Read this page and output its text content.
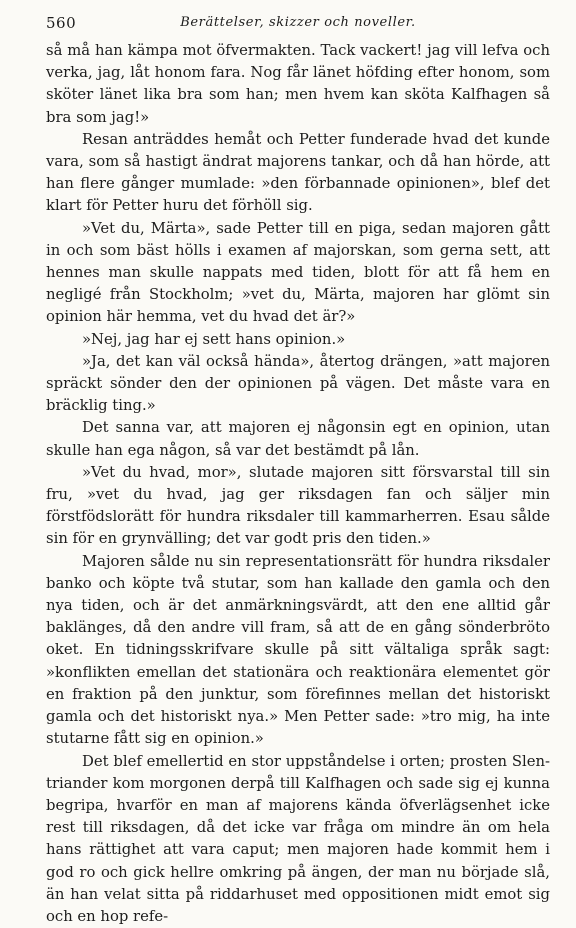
560	Berättelser, skizzer och noveller.

så må han kämpa mot öfvermakten. Tack vackert! jag vill lefva och verka, jag, låt honom fara. Nog får länet höfding efter honom, som sköter länet lika bra som han; men hvem kan sköta Kalfhagen så bra som jag!»

Resan anträddes hemåt och Petter funderade hvad det kunde vara, som så hastigt ändrat majorens tankar, och då han hörde, att han flere gånger mumlade: »den förbannade opinionen», blef det klart för Petter huru det förhöll sig.

»Vet du, Märta», sade Petter till en piga, sedan majoren gått in och som bäst hölls i examen af majorskan, som gerna sett, att hennes man skulle nappats med tiden, blott för att få hem en negligé från Stockholm; »vet du, Märta, majoren har glömt sin opinion här hemma, vet du hvad det är?»

»Nej, jag har ej sett hans opinion.»

»Ja, det kan väl också hända», återtog drängen, »att majoren spräckt sönder den der opinionen på vägen. Det måste vara en bräcklig ting.»

Det sanna var, att majoren ej någonsin egt en opinion, utan skulle han ega någon, så var det bestämdt på lån.

»Vet du hvad, mor», slutade majoren sitt försvarstal till sin fru, »vet du hvad, jag ger riksdagen fan och säljer min förstfödslorätt för hundra riksdaler till kammarherren. Esau sålde sin för en grynvälling; det var godt pris den tiden.»

Majoren sålde nu sin representationsrätt för hundra riksdaler banko och köpte två stutar, som han kallade den gamla och den nya tiden, och är det anmärkningsvärdt, att den ene alltid går baklänges, då den andre vill fram, så att de en gång sönderbröto oket. En tidningsskrifvare skulle på sitt vältaliga språk sagt: »konflikten emellan det stationära och reaktionära elementet gör en fraktion på den junktur, som förefinnes mellan det historiskt gamla och det historiskt nya.» Men Petter sade: »tro mig, ha inte stutarne fått sig en opinion.»

Det blef emellertid en stor uppståndelse i orten; prosten Slentriander kom morgonen derpå till Kalfhagen och sade sig ej kunna begripa, hvarför en man af majorens kända öfverlägsenhet icke rest till riksdagen, då det icke var fråga om mindre än om hela hans rättighet att vara caput; men majoren hade kommit hem i god ro och gick hellre omkring på ängen, der man nu började slå, än han velat sitta på riddarhuset med oppositionen midt emot sig och en hop refe-
